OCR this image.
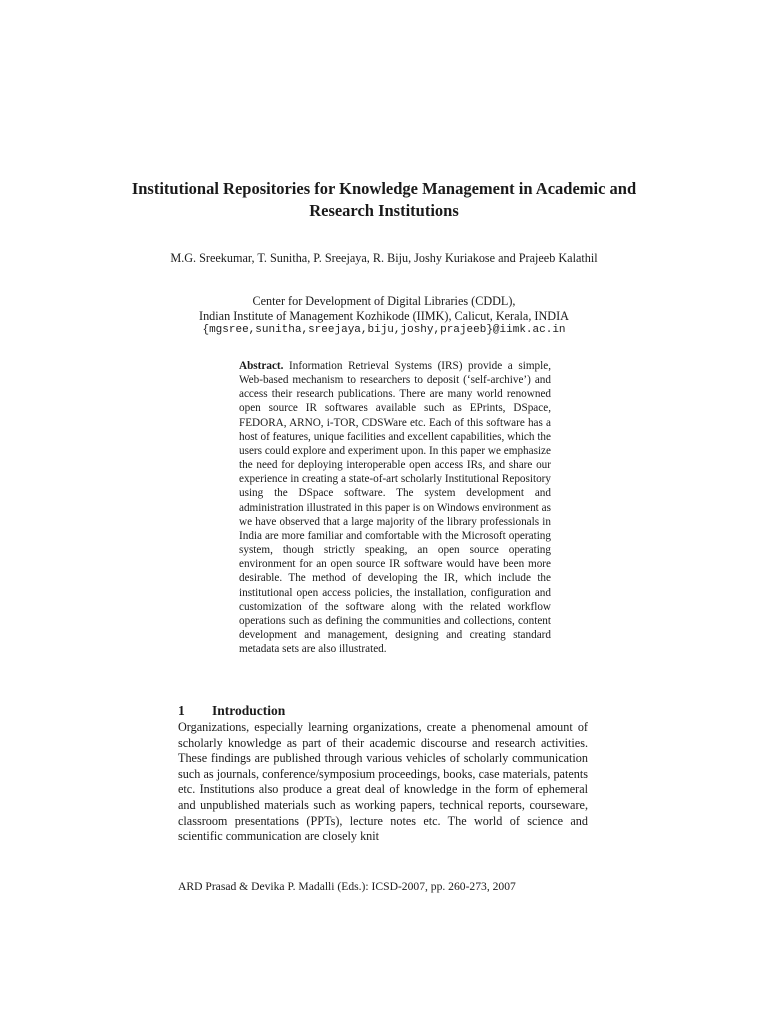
Institutional Repositories for Knowledge Management in Academic and Research Institutions

M.G. Sreekumar, T. Sunitha, P. Sreejaya, R. Biju, Joshy Kuriakose and Prajeeb Kalathil

Center for Development of Digital Libraries (CDDL),
Indian Institute of Management Kozhikode (IIMK), Calicut, Kerala, INDIA
{mgsree,sunitha,sreejaya,biju,joshy,prajeeb}@iimk.ac.in

Abstract. Information Retrieval Systems (IRS) provide a simple, Web-based mechanism to researchers to deposit (‘self-archive’) and access their research publications. There are many world renowned open source IR softwares available such as EPrints, DSpace, FEDORA, ARNO, i-TOR, CDSWare etc. Each of this software has a host of features, unique facilities and excellent capabilities, which the users could explore and experiment upon. In this paper we emphasize the need for deploying interoperable open access IRs, and share our experience in creating a state-of-art scholarly Institutional Repository using the DSpace software. The system development and administration illustrated in this paper is on Windows environment as we have observed that a large majority of the library professionals in India are more familiar and comfortable with the Microsoft operating system, though strictly speaking, an open source operating environment for an open source IR software would have been more desirable. The method of developing the IR, which include the institutional open access policies, the installation, configuration and customization of the software along with the related workflow operations such as defining the communities and collections, content development and management, designing and creating standard metadata sets are also illustrated.

1 Introduction

Organizations, especially learning organizations, create a phenomenal amount of scholarly knowledge as part of their academic discourse and research activities. These findings are published through various vehicles of scholarly communication such as journals, conference/symposium proceedings, books, case materials, patents etc. Institutions also produce a great deal of knowledge in the form of ephemeral and unpublished materials such as working papers, technical reports, courseware, classroom presentations (PPTs), lecture notes etc. The world of science and scientific communication are closely knit

ARD Prasad & Devika P. Madalli (Eds.): ICSD-2007, pp. 260-273, 2007
